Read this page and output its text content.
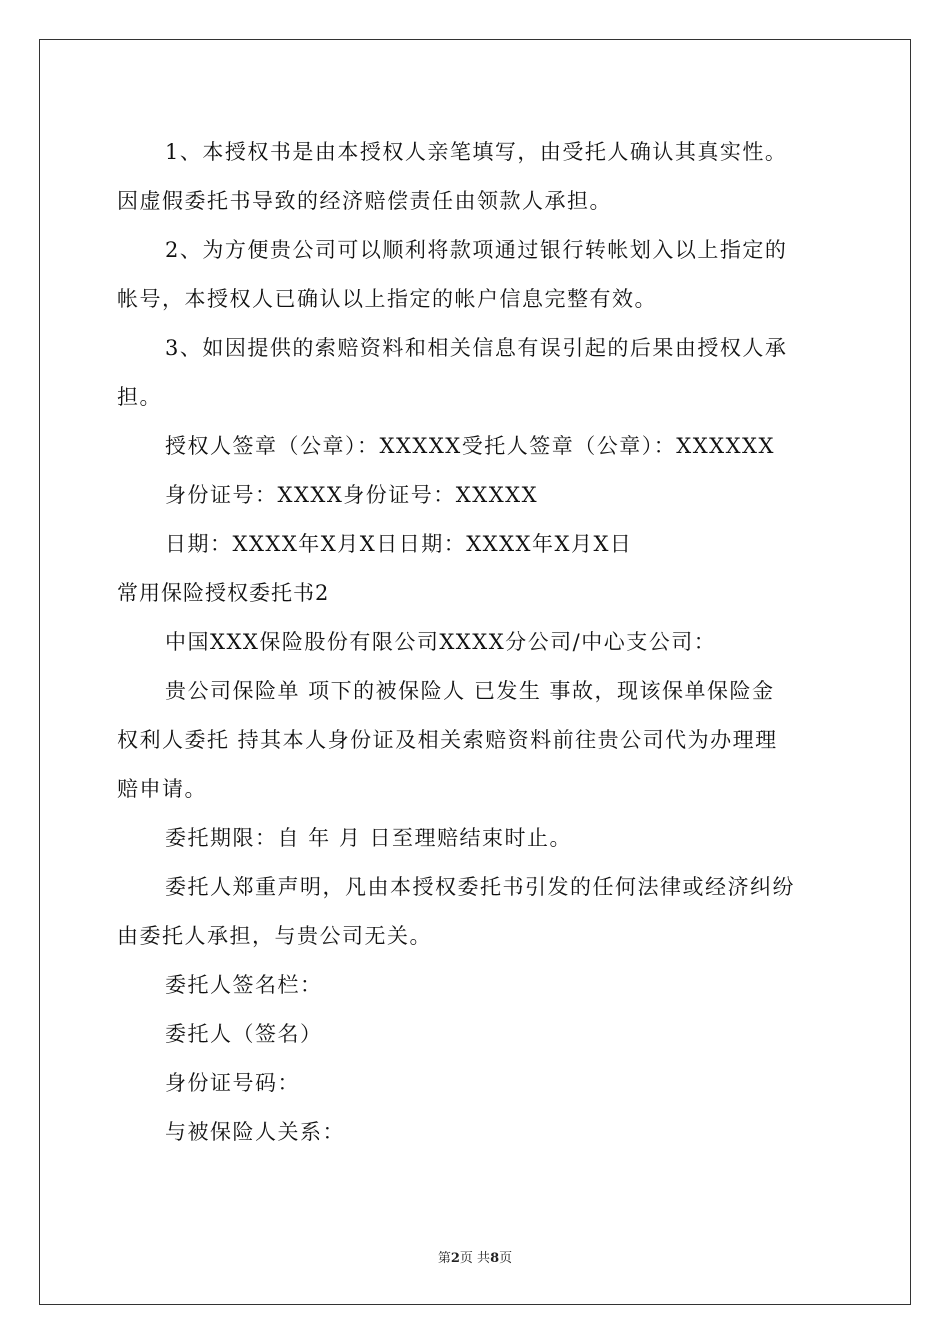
1、本授权书是由本授权人亲笔填写，由受托人确认其真实性。
因虚假委托书导致的经济赔偿责任由领款人承担。

2、为方便贵公司可以顺利将款项通过银行转帐划入以上指定的
帐号，本授权人已确认以上指定的帐户信息完整有效。

3、如因提供的索赔资料和相关信息有误引起的后果由授权人承
担。

授权人签章（公章）：XXXXX受托人签章（公章）：XXXXXX

身份证号：XXXX身份证号：XXXXX

日期：XXXX年X月X日日期：XXXX年X月X日

常用保险授权委托书2

中国XXX保险股份有限公司XXXX分公司/中心支公司：

贵公司保险单 项下的被保险人 已发生 事故，现该保单保险金
权利人委托 持其本人身份证及相关索赔资料前往贵公司代为办理理
赔申请。

委托期限：自 年 月 日至理赔结束时止。

委托人郑重声明，凡由本授权委托书引发的任何法律或经济纠纷
由委托人承担，与贵公司无关。

委托人签名栏：

委托人（签名）

身份证号码：

与被保险人关系：

第2页 共8页
